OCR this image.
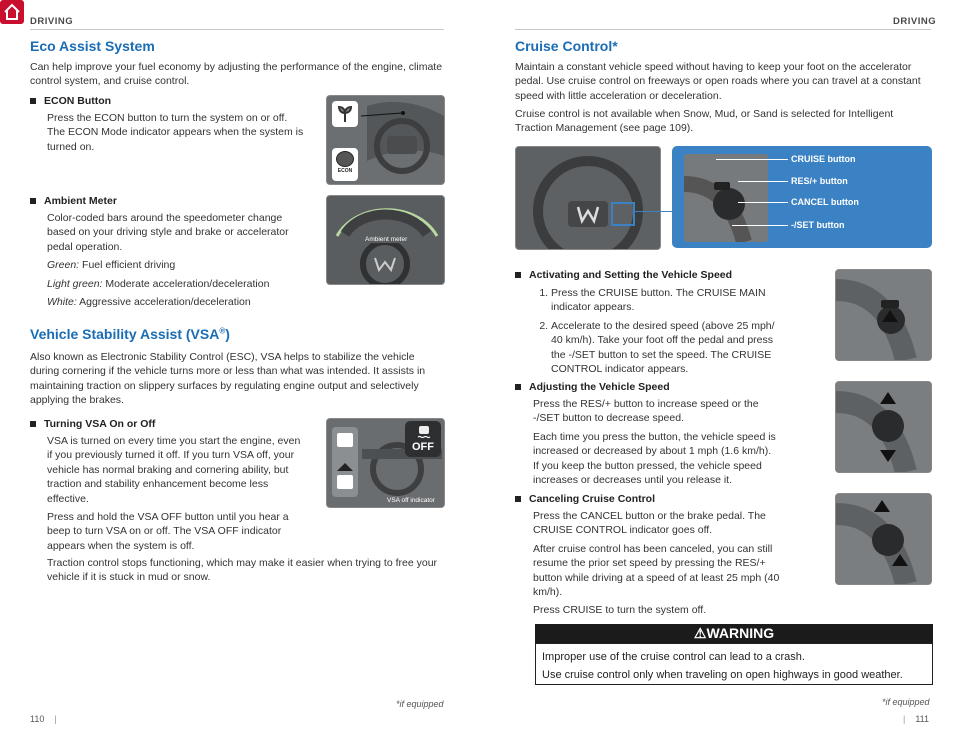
DRIVING	DRIVING
Eco Assist System
Can help improve your fuel economy by adjusting the performance of the engine, climate control system, and cruise control.
ECON Button
Press the ECON button to turn the system on or off.
The ECON Mode indicator appears when the system is turned on.
ECON
Ambient Meter
Color-coded bars around the speedometer change based on your driving style and brake or accelerator pedal operation.
Green: Fuel efficient driving
Light green: Moderate acceleration/deceleration
White: Aggressive acceleration/deceleration
Ambient meter
Vehicle Stability Assist (VSA®)
Also known as Electronic Stability Control (ESC), VSA helps to stabilize the vehicle during cornering if the vehicle turns more or less than what was intended. It assists in maintaining traction on slippery surfaces by regulating engine output and selectively applying the brakes.
Turning VSA On or Off
VSA is turned on every time you start the engine, even if you previously turned it off. If you turn VSA off, your vehicle has normal braking and cornering ability, but traction and stability enhancement become less effective.
Press and hold the VSA OFF button until you hear a beep to turn VSA on or off. The VSA OFF indicator appears when the system is off.
Traction control stops functioning, which may make it easier when trying to free your vehicle if it is stuck in mud or snow.
OFF
VSA off indicator
*if equipped
110 |
Cruise Control*
Maintain a constant vehicle speed without having to keep your foot on the accelerator pedal. Use cruise control on freeways or open roads where you can travel at a constant speed with little acceleration or deceleration.
Cruise control is not available when Snow, Mud, or Sand is selected for Intelligent Traction Management (see page 109).
CRUISE button
RES/+ button
CANCEL button
-/SET button
Activating and Setting the Vehicle Speed
1. Press the CRUISE button. The CRUISE MAIN indicator appears.
2. Accelerate to the desired speed (above 25 mph/ 40 km/h). Take your foot off the pedal and press the -/SET button to set the speed. The CRUISE CONTROL indicator appears.
Adjusting the Vehicle Speed
Press the RES/+ button to increase speed or the -/SET button to decrease speed.
Each time you press the button, the vehicle speed is increased or decreased by about 1 mph (1.6 km/h). If you keep the button pressed, the vehicle speed increases or decreases until you release it.
Canceling Cruise Control
Press the CANCEL button or the brake pedal. The CRUISE CONTROL indicator goes off.
After cruise control has been canceled, you can still resume the prior set speed by pressing the RES/+ button while driving at a speed of at least 25 mph (40 km/h).
Press CRUISE to turn the system off.
⚠WARNING
Improper use of the cruise control can lead to a crash.
Use cruise control only when traveling on open highways in good weather.
*if equipped
| 111
